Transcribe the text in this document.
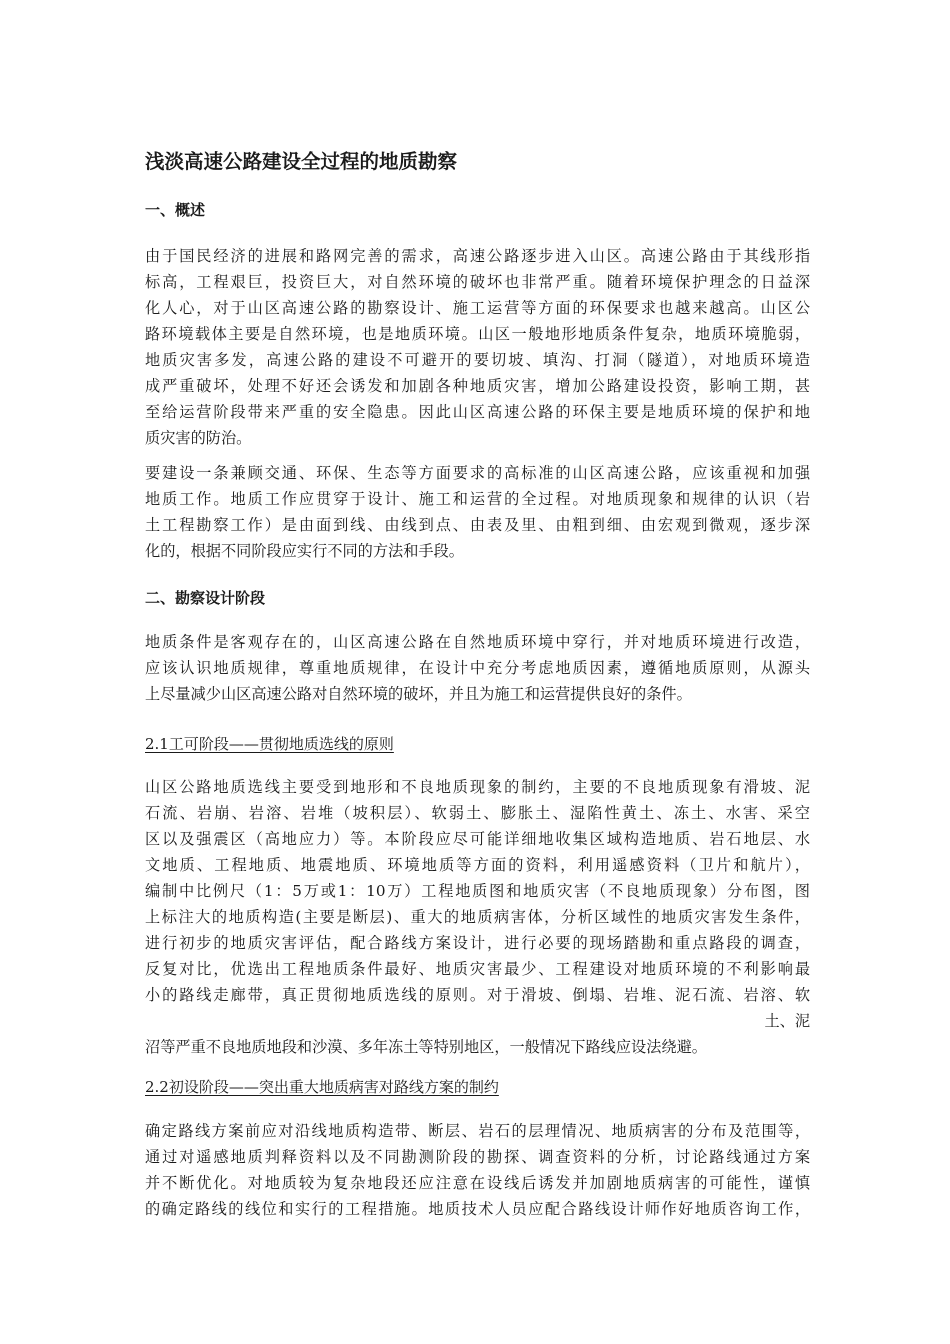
浅淡高速公路建设全过程的地质勘察
一、概述
由于国民经济的进展和路网完善的需求，高速公路逐步进入山区。高速公路由于其线形指
标高，工程艰巨，投资巨大，对自然环境的破坏也非常严重。随着环境保护理念的日益深
化人心，对于山区高速公路的勘察设计、施工运营等方面的环保要求也越来越高。山区公
路环境载体主要是自然环境，也是地质环境。山区一般地形地质条件复杂，地质环境脆弱，
地质灾害多发，高速公路的建设不可避开的要切坡、填沟、打洞（隧道），对地质环境造
成严重破坏，处理不好还会诱发和加剧各种地质灾害，增加公路建设投资，影响工期，甚
至给运营阶段带来严重的安全隐患。因此山区高速公路的环保主要是地质环境的保护和地
质灾害的防治。
要建设一条兼顾交通、环保、生态等方面要求的高标准的山区高速公路，应该重视和加强
地质工作。地质工作应贯穿于设计、施工和运营的全过程。对地质现象和规律的认识（岩
土工程勘察工作）是由面到线、由线到点、由表及里、由粗到细、由宏观到微观，逐步深
化的，根据不同阶段应实行不同的方法和手段。
二、勘察设计阶段
地质条件是客观存在的，山区高速公路在自然地质环境中穿行，并对地质环境进行改造，
应该认识地质规律，尊重地质规律，在设计中充分考虑地质因素，遵循地质原则，从源头
上尽量减少山区高速公路对自然环境的破坏，并且为施工和运营提供良好的条件。
2.1工可阶段——贯彻地质选线的原则
山区公路地质选线主要受到地形和不良地质现象的制约，主要的不良地质现象有滑坡、泥
石流、岩崩、岩溶、岩堆（坡积层）、软弱土、膨胀土、湿陷性黄土、冻土、水害、采空
区以及强震区（高地应力）等。本阶段应尽可能详细地收集区域构造地质、岩石地层、水
文地质、工程地质、地震地质、环境地质等方面的资料，利用遥感资料（卫片和航片），
编制中比例尺（1：5万或1：10万）工程地质图和地质灾害（不良地质现象）分布图，图
上标注大的地质构造(主要是断层)、重大的地质病害体，分析区域性的地质灾害发生条件，
进行初步的地质灾害评估，配合路线方案设计，进行必要的现场踏勘和重点路段的调查，
反复对比，优选出工程地质条件最好、地质灾害最少、工程建设对地质环境的不利影响最
小的路线走廊带，真正贯彻地质选线的原则。对于滑坡、倒塌、岩堆、泥石流、岩溶、软
土、泥
沼等严重不良地质地段和沙漠、多年冻土等特别地区，一般情况下路线应设法绕避。
2.2初设阶段——突出重大地质病害对路线方案的制约
确定路线方案前应对沿线地质构造带、断层、岩石的层理情况、地质病害的分布及范围等，
通过对遥感地质判释资料以及不同勘测阶段的勘探、调查资料的分析，讨论路线通过方案
并不断优化。对地质较为复杂地段还应注意在设线后诱发并加剧地质病害的可能性，谨慎
的确定路线的线位和实行的工程措施。地质技术人员应配合路线设计师作好地质咨询工作，
